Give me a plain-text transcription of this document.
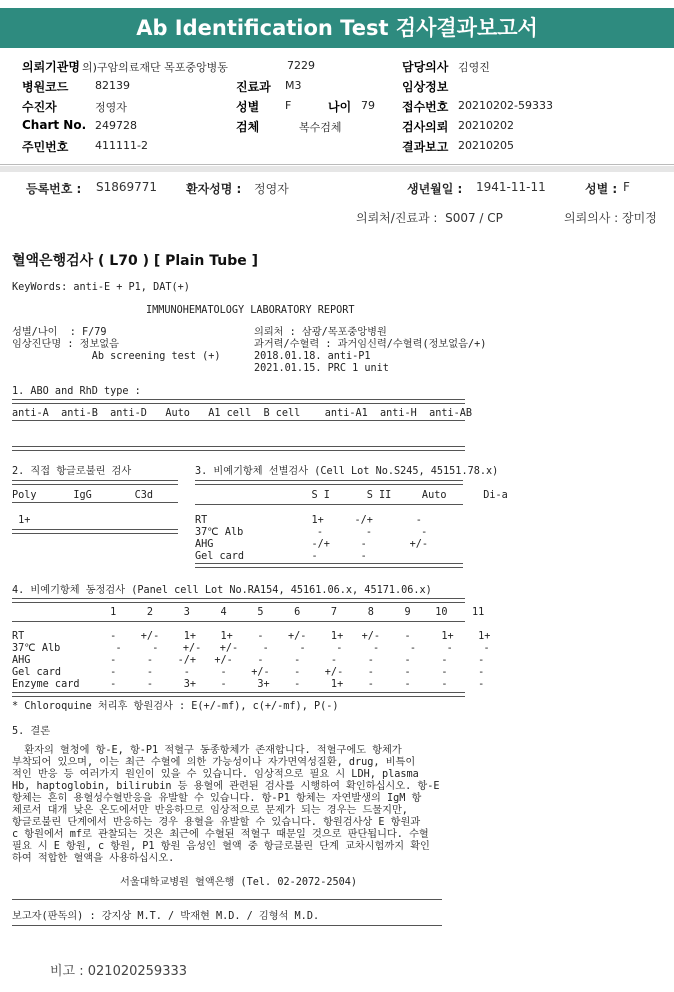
Ab Identification Test 검사결과보고서
의뢰기관명 의)구암의료재단 목포중앙병동	7229	담당의사 김영진
병원코드 82139	진료과 M3	임상정보
수진자	정영자	성별 F	나이 79 접수번호 20210202-59333
Chart No. 249728	검체	복수검체	검사의뢰 20210202
주민번호 411111-2	결과보고 20210205
등록번호 : S1869771 환자성명 : 정영자	생년월일 : 1941-11-11	성별 : F
의뢰처/진료과 :  S007 / CP	의뢰의사 : 장미정
혈액은행검사 ( L70 ) [ Plain Tube ]
KeyWords: anti-E + P1, DAT(+)
IMMUNOHEMATOLOGY LABORATORY REPORT
성별/나이  : F/79
임상진단명 : 정보없음
Ab screening test (+)
의뢰처 : 삼광/목포중앙병원
과거력/수혈력 : 과거임신력/수혈력(정보없음/+)
2018.01.18. anti-P1
2021.01.15. PRC 1 unit
1. ABO and RhD type :
anti-A  anti-B  anti-D   Auto   A1 cell  B cell    anti-A1  anti-H  anti-AB
2. 직접 항글로불린 검사	3. 비예기항체 선별검사 (Cell Lot No.S245, 45151.78.x)
Poly      IgG       C3d	S I      S II     Auto      Di-a
1+	RT                 1+     -/+       -
37℃ Alb            -       -        -
AHG                -/+     -       +/-
Gel card           -       -
4. 비예기항체 동정검사 (Panel cell Lot No.RA154, 45161.06.x, 45171.06.x)
1     2     3     4     5     6     7     8     9    10    11
RT              -    +/-    1+    1+    -    +/-    1+   +/-    -     1+    1+
37℃ Alb         -     -    +/-   +/-    -     -     -     -     -     -     -
AHG             -     -    -/+   +/-    -     -     -     -     -     -     -
Gel card        -     -     -     -    +/-    -    +/-    -     -     -     -
Enzyme card     -     -     3+    -     3+    -     1+    -     -     -     -
* Chloroquine 처리후 항원검사 : E(+/-mf), c(+/-mf), P(-)
5. 결론
환자의 혈청에 항-E, 항-P1 적혈구 동종항체가 존재합니다. 적혈구에도 항체가
부착되어 있으며, 이는 최근 수혈에 의한 가능성이나 자가면역성질환, drug, 비특이
적인 반응 등 여러가지 원인이 있을 수 있습니다. 임상적으로 필요 시 LDH, plasma
Hb, haptoglobin, bilirubin 등 용혈에 관련된 검사를 시행하여 확인하십시오. 항-E
항체는 흔히 용혈성수혈반응을 유발할 수 있습니다. 항-P1 항체는 자연발생의 IgM 항
체로서 대개 낮은 온도에서만 반응하므로 임상적으로 문제가 되는 경우는 드물지만,
항글로불린 단계에서 반응하는 경우 용혈을 유발할 수 있습니다. 항원검사상 E 항원과
c 항원에서 mf로 관찰되는 것은 최근에 수혈된 적혈구 때문일 것으로 판단됩니다. 수혈
필요 시 E 항원, c 항원, P1 항원 음성인 혈액 중 항글로불린 단계 교차시험까지 확인
하여 적합한 혈액을 사용하십시오.
서울대학교병원 혈액은행 (Tel. 02-2072-2504)
보고자(판독의) : 강지상 M.T. / 박재현 M.D. / 김형석 M.D.
비고 : 021020259333
